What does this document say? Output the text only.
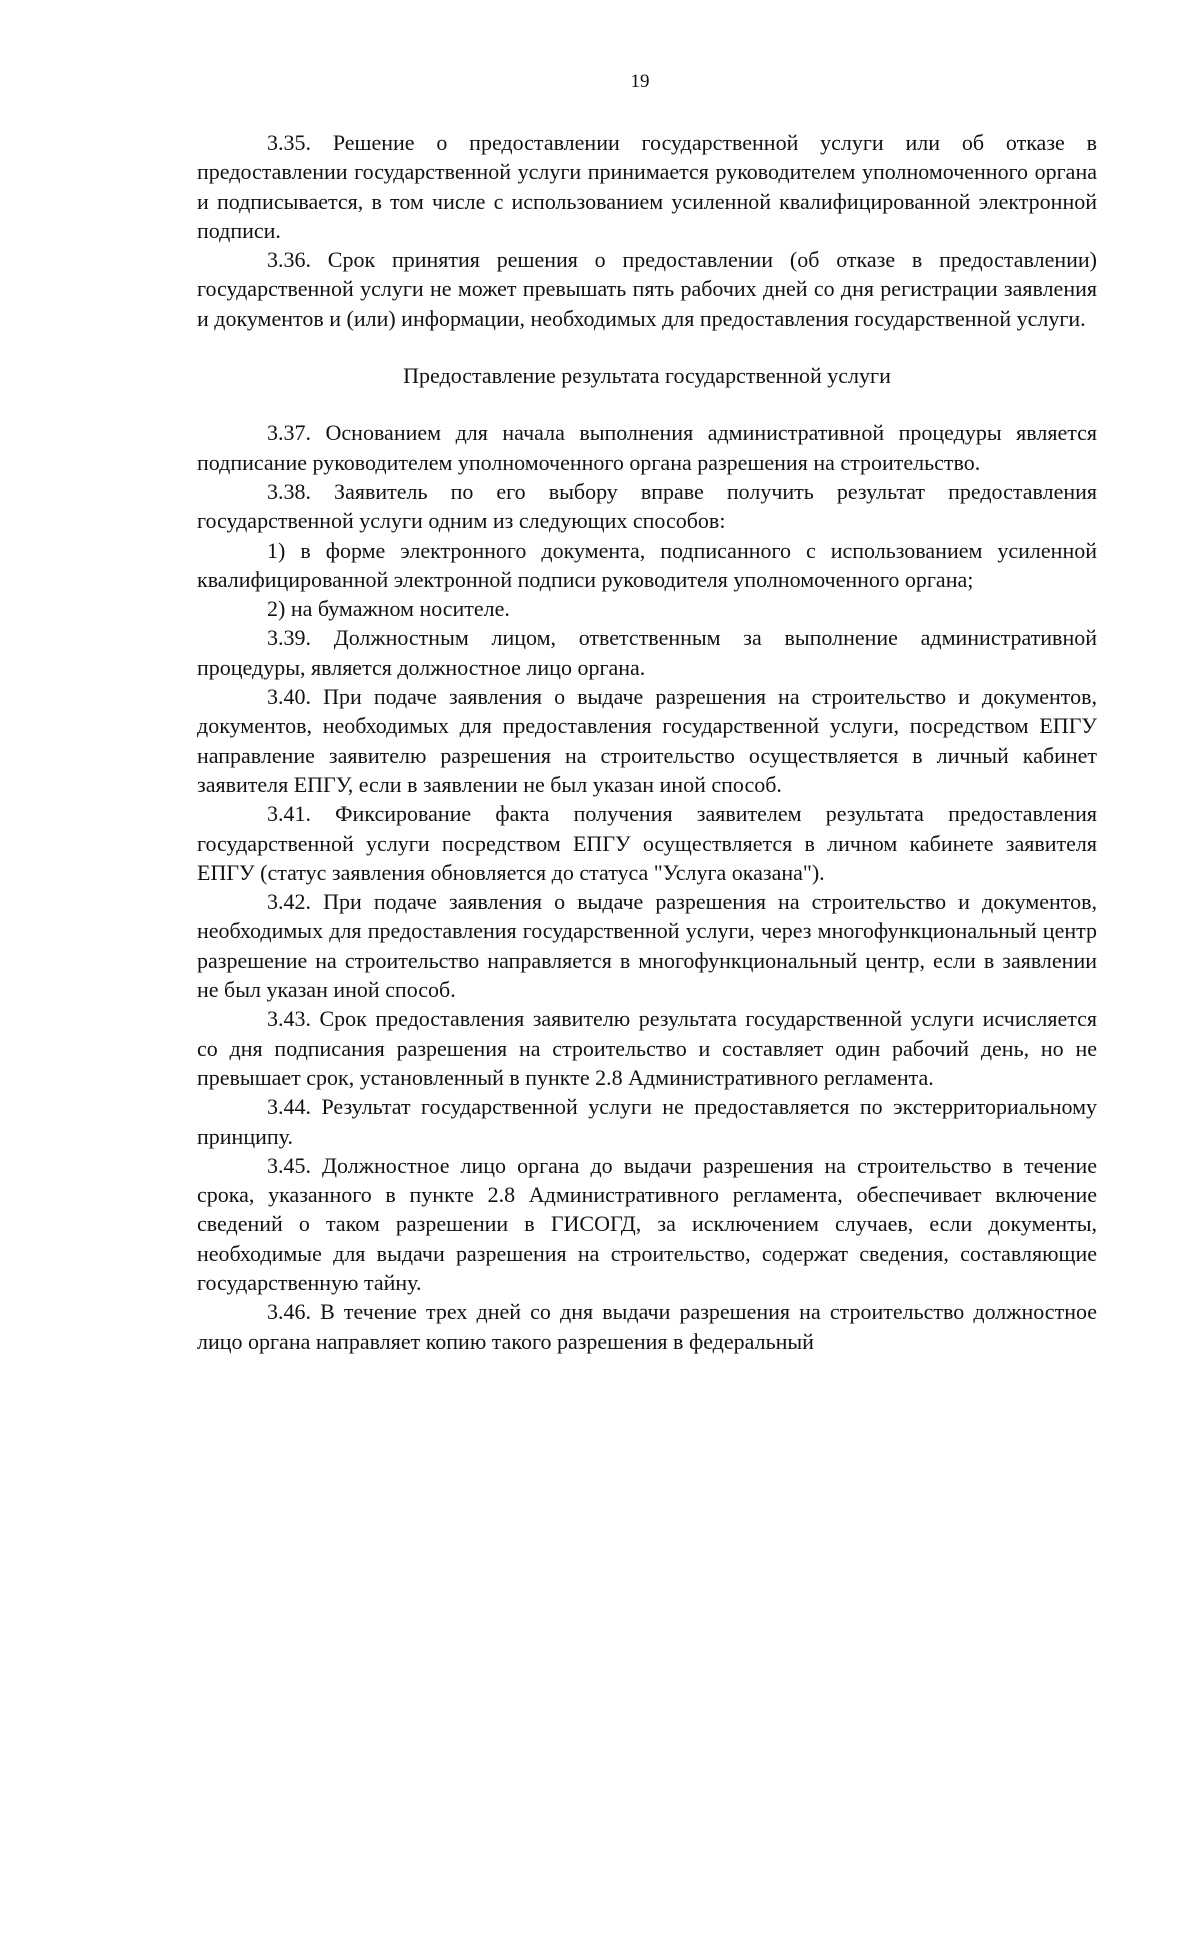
19

3.35. Решение о предоставлении государственной услуги или об отказе в предоставлении государственной услуги принимается руководителем уполномоченного органа и подписывается, в том числе с использованием усиленной квалифицированной электронной подписи.

3.36. Срок принятия решения о предоставлении (об отказе в предоставлении) государственной услуги не может превышать пять рабочих дней со дня регистрации заявления и документов и (или) информации, необходимых для предоставления государственной услуги.

Предоставление результата государственной услуги

3.37. Основанием для начала выполнения административной процедуры является подписание руководителем уполномоченного органа разрешения на строительство.

3.38. Заявитель по его выбору вправе получить результат предоставления государственной услуги одним из следующих способов:

1) в форме электронного документа, подписанного с использованием усиленной квалифицированной электронной подписи руководителя уполномоченного органа;

2) на бумажном носителе.

3.39. Должностным лицом, ответственным за выполнение административной процедуры, является должностное лицо органа.

3.40. При подаче заявления о выдаче разрешения на строительство и документов, документов, необходимых для предоставления государственной услуги, посредством ЕПГУ направление заявителю разрешения на строительство осуществляется в личный кабинет заявителя ЕПГУ, если в заявлении не был указан иной способ.

3.41. Фиксирование факта получения заявителем результата предоставления государственной услуги посредством ЕПГУ осуществляется в личном кабинете заявителя ЕПГУ (статус заявления обновляется до статуса "Услуга оказана").

3.42. При подаче заявления о выдаче разрешения на строительство и документов, необходимых для предоставления государственной услуги, через многофункциональный центр разрешение на строительство направляется в многофункциональный центр, если в заявлении не был указан иной способ.

3.43. Срок предоставления заявителю результата государственной услуги исчисляется со дня подписания разрешения на строительство и составляет один рабочий день, но не превышает срок, установленный в пункте 2.8 Административного регламента.

3.44. Результат государственной услуги не предоставляется по экстерриториальному принципу.

3.45. Должностное лицо органа до выдачи разрешения на строительство в течение срока, указанного в пункте 2.8 Административного регламента, обеспечивает включение сведений о таком разрешении в ГИСОГД, за исключением случаев, если документы, необходимые для выдачи разрешения на строительство, содержат сведения, составляющие государственную тайну.

3.46. В течение трех дней со дня выдачи разрешения на строительство должностное лицо органа направляет копию такого разрешения в федеральный
